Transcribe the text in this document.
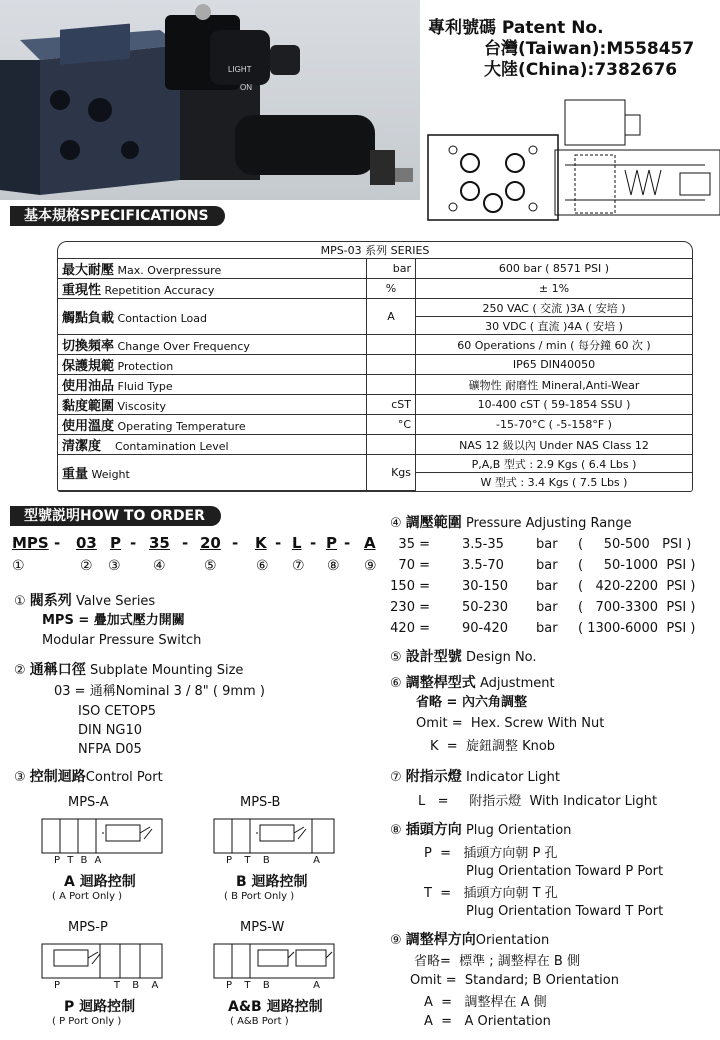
LIGHT
ON
專利號碼 Patent No.
台灣(Taiwan):M558457
大陸(China):7382676
基本規格SPECIFICATIONS
MPS-03 系列 SERIES		
最大耐壓 Max. Overpressure	bar	600 bar ( 8571 PSI )
重現性 Repetition Accuracy	%	± 1%
觸點負載 Contaction Load	A	250 VAC ( 交流 )3A ( 安培 )
		30 VDC ( 直流 )4A ( 安培 )
切換頻率 Change Over Frequency		60 Operations / min ( 每分鐘 60 次 )
保護規範 Protection		IP65 DIN40050
使用油品 Fluid Type		礦物性 耐磨性 Mineral,Anti-Wear
黏度範圍 Viscosity	cST	10-400 cST ( 59-1854 SSU )
使用溫度 Operating Temperature	°C	-15-70°C ( -5-158°F )
清潔度 Contamination Level		NAS 12 級以內 Under NAS Class 12
重量 Weight	Kgs	P,A,B 型式 : 2.9 Kgs ( 6.4 Lbs )
		W 型式 : 3.4 Kgs ( 7.5 Lbs )
型號説明HOW TO ORDER
MPS - 03 P - 35 - 20 - K - L - P - A
①	② ③ ④	⑤	⑥ ⑦ ⑧ ⑨
① 閥系列 Valve Series
MPS = 疊加式壓力開關
Modular Pressure Switch
② 通稱口徑 Subplate Mounting Size
03 = 通稱Nominal 3 / 8" ( 9mm )
ISO CETOP5
DIN NG10
NFPA D05
③ 控制迴路Control Port
MPS-A
P T B A
A 迴路控制
( A Port Only )
MPS-B
P  T  B        A
B 迴路控制
( B Port Only )
MPS-P
P          T  B  A
P 迴路控制
( P Port Only )
MPS-W
P  T  B        A
A&B 迴路控制
( A&B Port )
④ 調壓範圍 Pressure Adjusting Range
35 = 3.5-35 bar (     50-500   PSI )
70 = 3.5-70 bar (     50-1000  PSI )
150 = 30-150 bar (   420-2200  PSI )
230 = 50-230 bar (   700-3300  PSI )
420 = 90-420 bar ( 1300-6000  PSI )
⑤ 設計型號 Design No.
⑥ 調整桿型式 Adjustment
省略 = 內六角調整
Omit =  Hex. Screw With Nut
K  =  旋鈕調整 Knob
⑦ 附指示燈 Indicator Light
L   =     附指示燈  With Indicator Light
⑧ 插頭方向 Plug Orientation
P  =   插頭方向朝 P 孔
Plug Orientation Toward P Port
T  =   插頭方向朝 T 孔
Plug Orientation Toward T Port
⑨ 調整桿方向Orientation
省略=  標準 ; 調整桿在 B 側
Omit =  Standard; B Orientation
A  =   調整桿在 A 側
A  =   A Orientation
